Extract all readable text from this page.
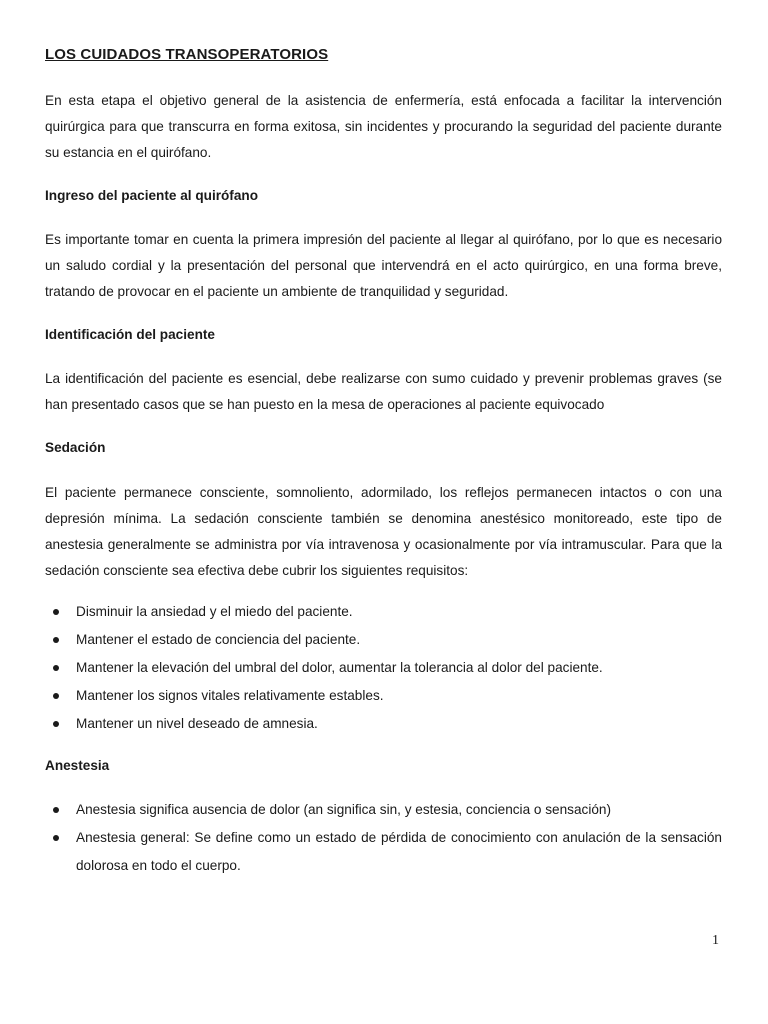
LOS CUIDADOS TRANSOPERATORIOS

En esta etapa el objetivo general de la asistencia de enfermería, está enfocada a facilitar la intervención quirúrgica para que transcurra en forma exitosa, sin incidentes y procurando la seguridad del paciente durante su estancia en el quirófano.

Ingreso del paciente al quirófano

Es importante tomar en cuenta la primera impresión del paciente al llegar al quirófano, por lo que es necesario un saludo cordial y la presentación del personal que intervendrá en el acto quirúrgico, en una forma breve, tratando de provocar en el paciente un ambiente de tranquilidad y seguridad.

Identificación del paciente

La identificación del paciente es esencial, debe realizarse con sumo cuidado y prevenir problemas graves (se han presentado casos que se han puesto en la mesa de operaciones al paciente equivocado

Sedación

El paciente permanece consciente, somnoliento, adormilado, los reflejos permanecen intactos o con una depresión mínima. La sedación consciente también se denomina anestésico monitoreado, este tipo de anestesia generalmente se administra por vía intravenosa y ocasionalmente por vía intramuscular. Para que la sedación consciente sea efectiva debe cubrir los siguientes requisitos:

Disminuir la ansiedad y el miedo del paciente.
Mantener el estado de conciencia del paciente.
Mantener la elevación del umbral del dolor, aumentar la tolerancia al dolor del paciente.
Mantener los signos vitales relativamente estables.
Mantener un nivel deseado de amnesia.
Anestesia
Anestesia significa ausencia de dolor (an significa sin, y estesia, conciencia o sensación)
Anestesia general: Se define como un estado de pérdida de conocimiento con anulación de la sensación dolorosa en todo el cuerpo.
1
